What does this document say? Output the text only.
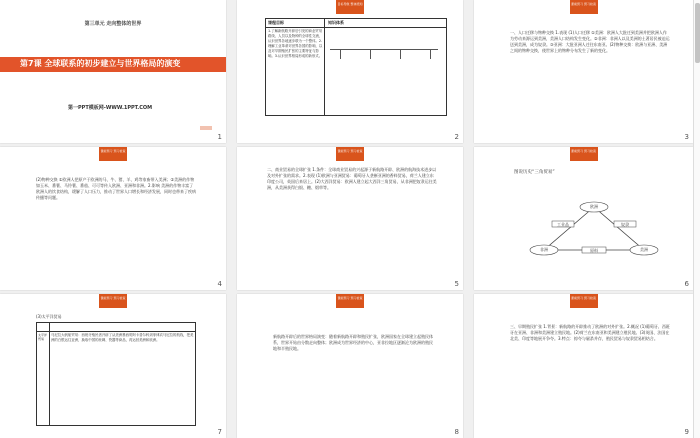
第三单元 走向整体的世界
第7课 全球联系的初步建立与世界格局的演变
第一PPT模板网-WWW.1PPT.COM
1
目标导航 整体感知
课程目标	知识体系
1.了解新航路开辟后引发的商业贸易路线、人员以及物种的全球性交流，认识世界各地逐步联为一个整体。2.理解工业革命对世界各国的影响，以及对早期殖民扩张的主要特征与影响。3.认识世界格局形成的新形式。
2
课前预习 预习检查
一、人口迁移与物种交换 1.表现 (1)人口迁移 ①美洲：欧洲人大批迁到美洲并把欧洲人作为劳动来源运到美洲，美洲人口结构发生变化。②非洲：非洲人以及美洲的土著居民被迫运送到美洲，成为奴隶。③亚洲：大批亚洲人迁往东南亚。(2)物种交换：欧洲与亚洲、美洲之间的物种交换，使世界上的物种分布发生了新的变化。
3
课前预习 预习检查
(2)物种交换 ①欧洲人把原产于欧洲的马、牛、猪、羊、鸡等家畜带入美洲；②美洲的作物如玉米、番薯、马铃薯、番茄、可可等传入欧洲、亚洲和非洲。2.影响 美洲的作物丰富了欧洲人的饮食结构，缓解了人口压力，推动了世界人口增长和经济发展，同时也带来了疾病传播等问题。
4
课前预习 预习检查
二、商业贸易的全球扩张 1.条件：全球商业贸易的兴起源于新航路开辟、欧洲的航海技术进步以及对外扩张的需求。2.表现 (1)欧洲与亚洲贸易：葡萄牙人垄断亚洲的香料贸易，荷兰人建立东印度公司，英国后来居上。(2)大西洋贸易：欧洲人建立起大西洋三角贸易，从非洲把奴隶运往美洲，从美洲获得白银、糖、烟草等。
5
课前预习 预习检查
图说历史“三角贸易”
欧洲
非洲	美洲
工业品	奴隶
原料
6
课前预习 预习检查
(3)太平洋贸易
太平洋贸易
马尼拉大帆船贸易：西班牙殖民者开辟了从美洲墨西哥阿卡普尔科到菲律宾马尼拉的航线，把美洲的白银运往亚洲，换取中国的丝绸、瓷器等商品，再运回美洲和欧洲。
7
课前预习 预习检查
新航路开辟后的世界格局演变：随着新航路开辟和殖民扩张，欧洲国家在全球建立起殖民体系，世界开始由分散走向整体；欧洲成为世界经济的中心，亚非拉地区逐渐沦为欧洲的殖民地和半殖民地。
8
课前预习 预习检查
三、早期殖民扩张 1.背景：新航路的开辟推动了欧洲的对外扩张。2.概况 (1)葡萄牙、西班牙在亚洲、非洲和美洲建立殖民地。(2)荷兰在东南亚和美洲建立殖民地。(3)英国、法国在北美、印度等地展开争夺。3.特点：掠夺与屠杀并存，殖民贸易与奴隶贸易相结合。
9
